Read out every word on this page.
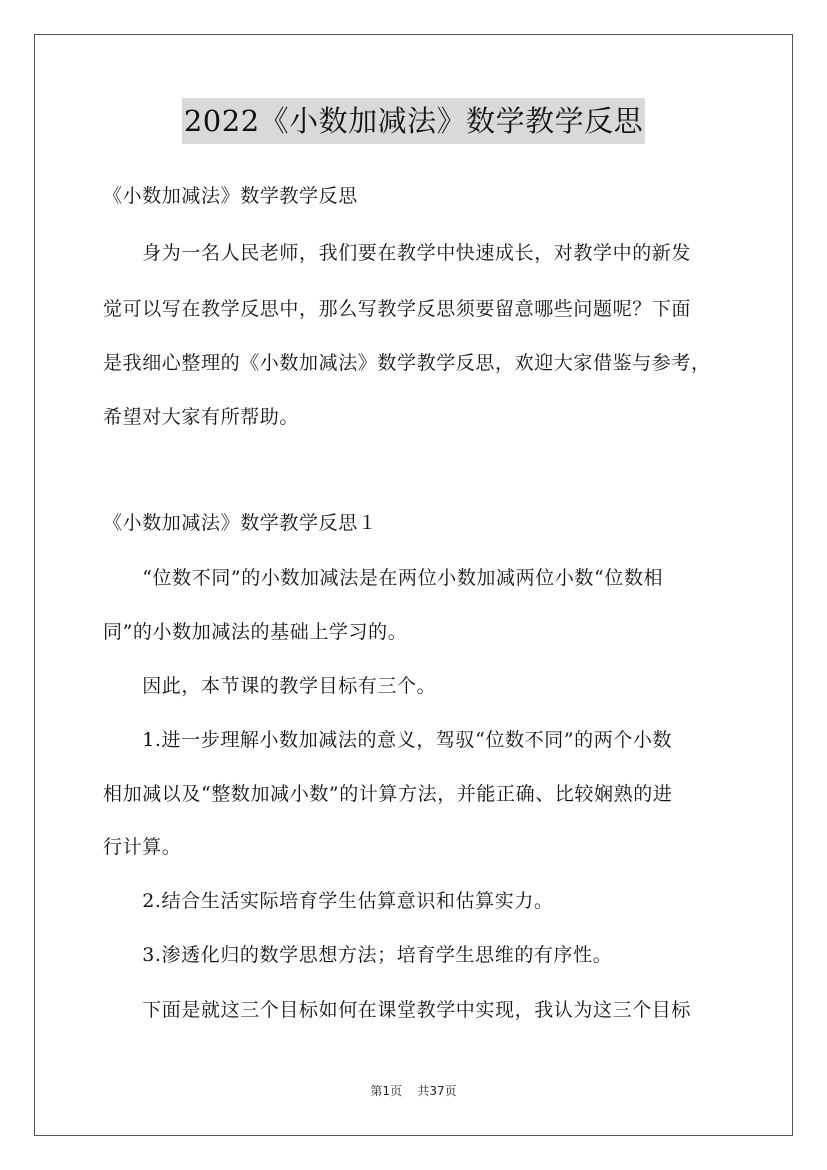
2022《小数加减法》数学教学反思
《小数加减法》数学教学反思
　　身为一名人民老师，我们要在教学中快速成长，对教学中的新发
觉可以写在教学反思中，那么写教学反思须要留意哪些问题呢？下面
是我细心整理的《小数加减法》数学教学反思，欢迎大家借鉴与参考，
希望对大家有所帮助。
《小数加减法》数学教学反思１
　　“位数不同”的小数加减法是在两位小数加减两位小数“位数相
同”的小数加减法的基础上学习的。
　　因此，本节课的教学目标有三个。
　　1.进一步理解小数加减法的意义，驾驭“位数不同”的两个小数
相加减以及“整数加减小数”的计算方法，并能正确、比较娴熟的进
行计算。
　　2.结合生活实际培育学生估算意识和估算实力。
　　3.渗透化归的数学思想方法；培育学生思维的有序性。
　　下面是就这三个目标如何在课堂教学中实现，我认为这三个目标
第1页 共37页
